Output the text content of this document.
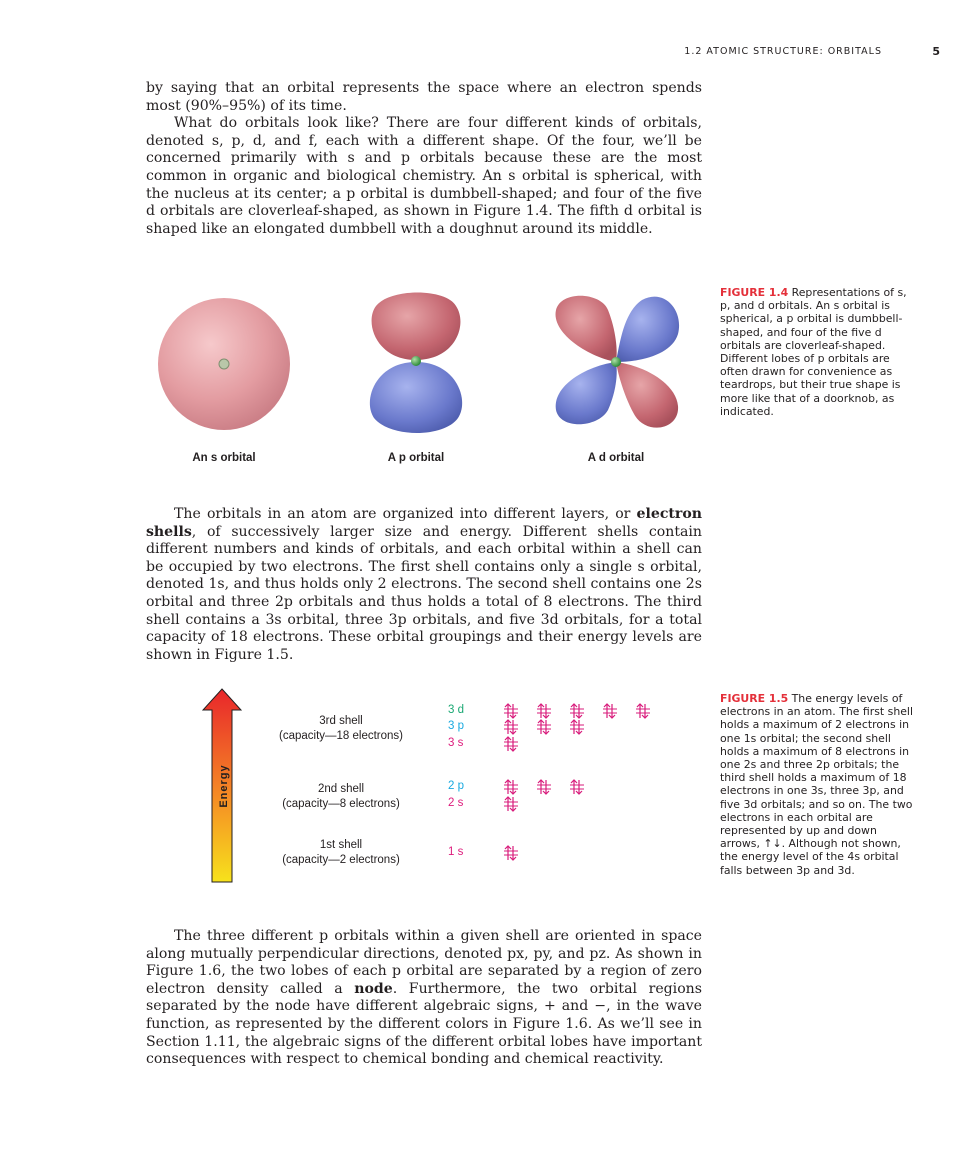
1.2 ATOMIC STRUCTURE: ORBITALS	5

by saying that an orbital represents the space where an electron spends most (90%–95%) of its time.

What do orbitals look like? There are four different kinds of orbitals, denoted s, p, d, and f, each with a different shape. Of the four, we’ll be concerned primarily with s and p orbitals because these are the most common in organic and biological chemistry. An s orbital is spherical, with the nucleus at its center; a p orbital is dumbbell-shaped; and four of the five d orbitals are cloverleaf-shaped, as shown in Figure 1.4. The fifth d orbital is shaped like an elongated dumbbell with a doughnut around its middle.

An s orbital	A p orbital	A d orbital
FIGURE 1.4 Representations of s, p, and d orbitals. An s orbital is spherical, a p orbital is dumbbell-shaped, and four of the five d orbitals are cloverleaf-shaped. Different lobes of p orbitals are often drawn for convenience as teardrops, but their true shape is more like that of a doorknob, as indicated.

The orbitals in an atom are organized into different layers, or electron shells, of successively larger size and energy. Different shells contain different numbers and kinds of orbitals, and each orbital within a shell can be occupied by two electrons. The first shell contains only a single s orbital, denoted 1s, and thus holds only 2 electrons. The second shell contains one 2s orbital and three 2p orbitals and thus holds a total of 8 electrons. The third shell contains a 3s orbital, three 3p orbitals, and five 3d orbitals, for a total capacity of 18 electrons. These orbital groupings and their energy levels are shown in Figure 1.5.

Energy
3rd shell
(capacity—18 electrons)
2nd shell
(capacity—8 electrons)
1st shell
(capacity—2 electrons)
3 d
3 p
3 s
2 p
2 s
1 s
FIGURE 1.5 The energy levels of electrons in an atom. The first shell holds a maximum of 2 electrons in one 1s orbital; the second shell holds a maximum of 8 electrons in one 2s and three 2p orbitals; the third shell holds a maximum of 18 electrons in one 3s, three 3p, and five 3d orbitals; and so on. The two electrons in each orbital are represented by up and down arrows, ↑↓. Although not shown, the energy level of the 4s orbital falls between 3p and 3d.

The three different p orbitals within a given shell are oriented in space along mutually perpendicular directions, denoted px, py, and pz. As shown in Figure 1.6, the two lobes of each p orbital are separated by a region of zero electron density called a node. Furthermore, the two orbital regions separated by the node have different algebraic signs, + and −, in the wave function, as represented by the different colors in Figure 1.6. As we’ll see in Section 1.11, the algebraic signs of the different orbital lobes have important consequences with respect to chemical bonding and chemical reactivity.
